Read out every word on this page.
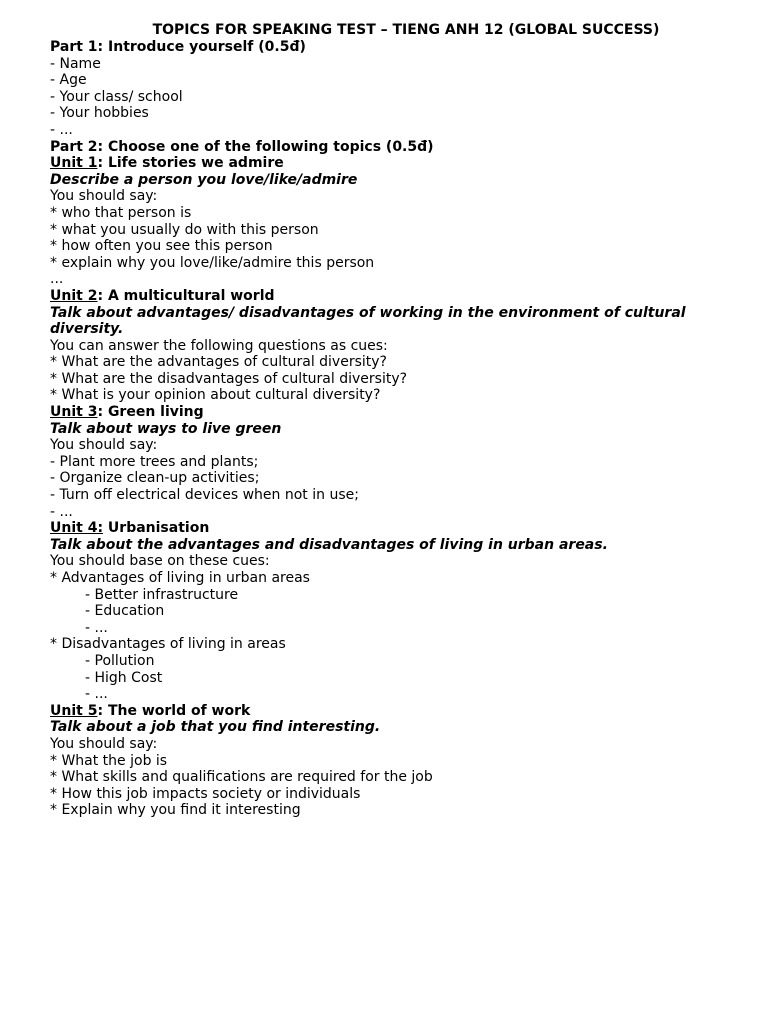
TOPICS FOR SPEAKING TEST – TIENG ANH 12 (GLOBAL SUCCESS)
Part 1: Introduce yourself (0.5đ)
- Name
- Age
- Your class/ school
- Your hobbies
- ...
Part 2: Choose one of the following topics (0.5đ)
Unit 1: Life stories we admire
Describe a person you love/like/admire
You should say:
* who that person is
* what you usually do with this person
* how often you see this person
* explain why you love/like/admire this person
...
Unit 2: A multicultural world
Talk about advantages/ disadvantages of working in the environment of cultural diversity.
You can answer the following questions as cues:
* What are the advantages of cultural diversity?
* What are the disadvantages of cultural diversity?
* What is your opinion about cultural diversity?
Unit 3: Green living
Talk about ways to live green
You should say:
- Plant more trees and plants;
- Organize clean-up activities;
- Turn off electrical devices when not in use;
- ...
Unit 4: Urbanisation
Talk about the advantages and disadvantages of living in urban areas.
You should base on these cues:
* Advantages of living in urban areas
- Better infrastructure
- Education
- ...
* Disadvantages of living in areas
- Pollution
- High Cost
- ...
Unit 5: The world of work
Talk about a job that you find interesting.
You should say:
* What the job is
* What skills and qualifications are required for the job
* How this job impacts society or individuals
* Explain why you find it interesting
